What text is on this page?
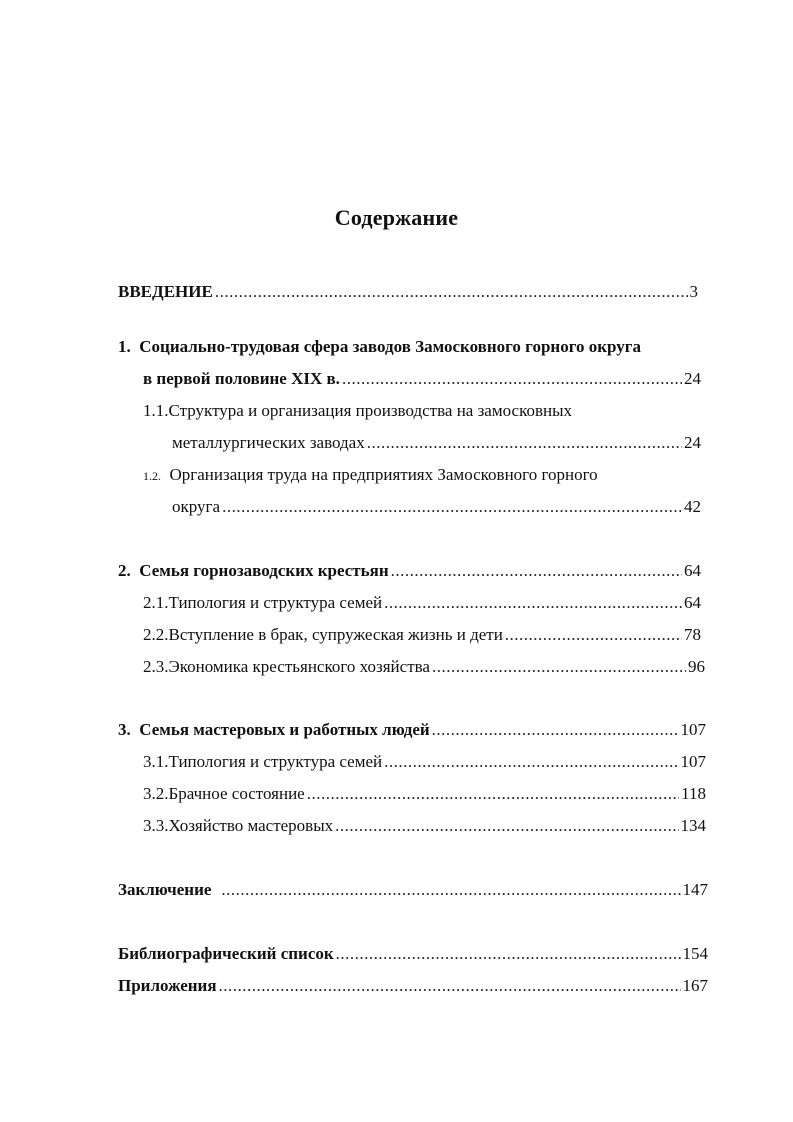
Содержание
ВВЕДЕНИЕ .....	3
1. Социально-трудовая сфера заводов Замосковного горного округа
в первой половине XIX в. .....	24
1.1.Структура и организация производства на замосковных
металлургических заводах .....	24
1.2. Организация труда на предприятиях Замосковного горного
округа .....	42
2.
Семья горнозаводских крестьян .....	64
2.1. Типология и структура семей .....	64
2.2. Вступление в брак, супружеская жизнь и дети .....	78
2.3. Экономика крестьянского хозяйства .....	96
3.
Семья мастеровых и работных людей .....	107
3.1. Типология и структура семей .....	107
3.2. Брачное состояние .....	118
3.3. Хозяйство мастеровых .....	134
Заключение .....	147
Библиографический список .....	154
Приложения .....	167
